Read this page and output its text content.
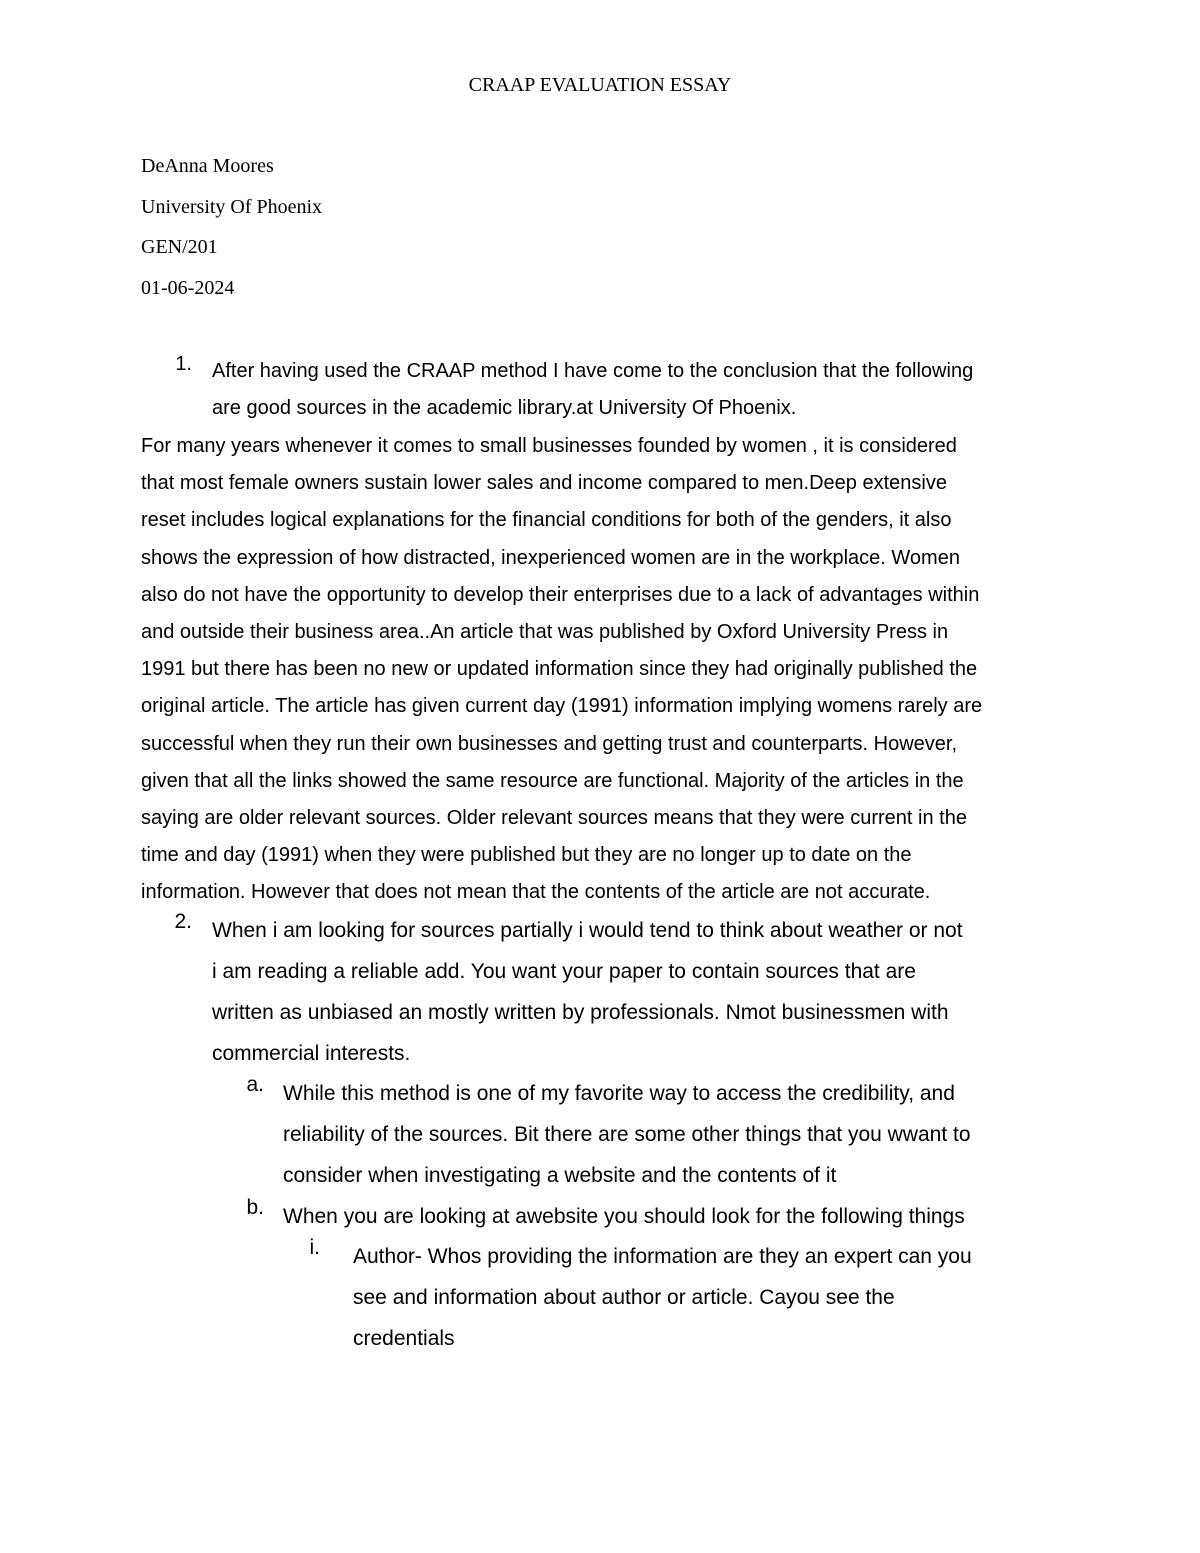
CRAAP EVALUATION ESSAY
DeAnna Moores
University Of Phoenix
GEN/201
01-06-2024
1. After having used the CRAAP method I have come to the conclusion that the following
are good sources in the academic library.at University Of Phoenix.
For many years whenever it comes to small businesses founded by women , it is considered
that most female owners sustain lower sales and income compared to men.Deep extensive
reset includes logical explanations for the financial conditions for both of the genders, it also
shows the expression of how distracted, inexperienced women are in the workplace. Women
also do not have the opportunity to develop their enterprises due to a lack of advantages within
and outside their business area..An article that was published by Oxford University Press in
1991 but there has been no new or updated information since they had originally published the
original article. The article has given current day (1991) information implying womens rarely are
successful when they run their own businesses and getting trust and counterparts. However,
given that all the links showed the same resource are functional. Majority of the articles in the
saying are older relevant sources. Older relevant sources means that they were current in the
time and day (1991) when they were published but they are no longer up to date on the
information. However that does not mean that the contents of the article are not accurate.
2. When i am looking for sources partially i would tend to think about weather or not
i am reading a reliable add. You want your paper to contain sources that are
written as unbiased an mostly written by professionals. Nmot businessmen with
commercial interests.
a. While this method is one of my favorite way to access the credibility, and
reliability of the sources. Bit there are some other things that you wwant to
consider when investigating a website and the contents of it
b. When you are looking at awebsite you should look for the following things
i. Author- Whos providing the information are they an expert can you
see and information about author or article. Cayou see the
credentials
